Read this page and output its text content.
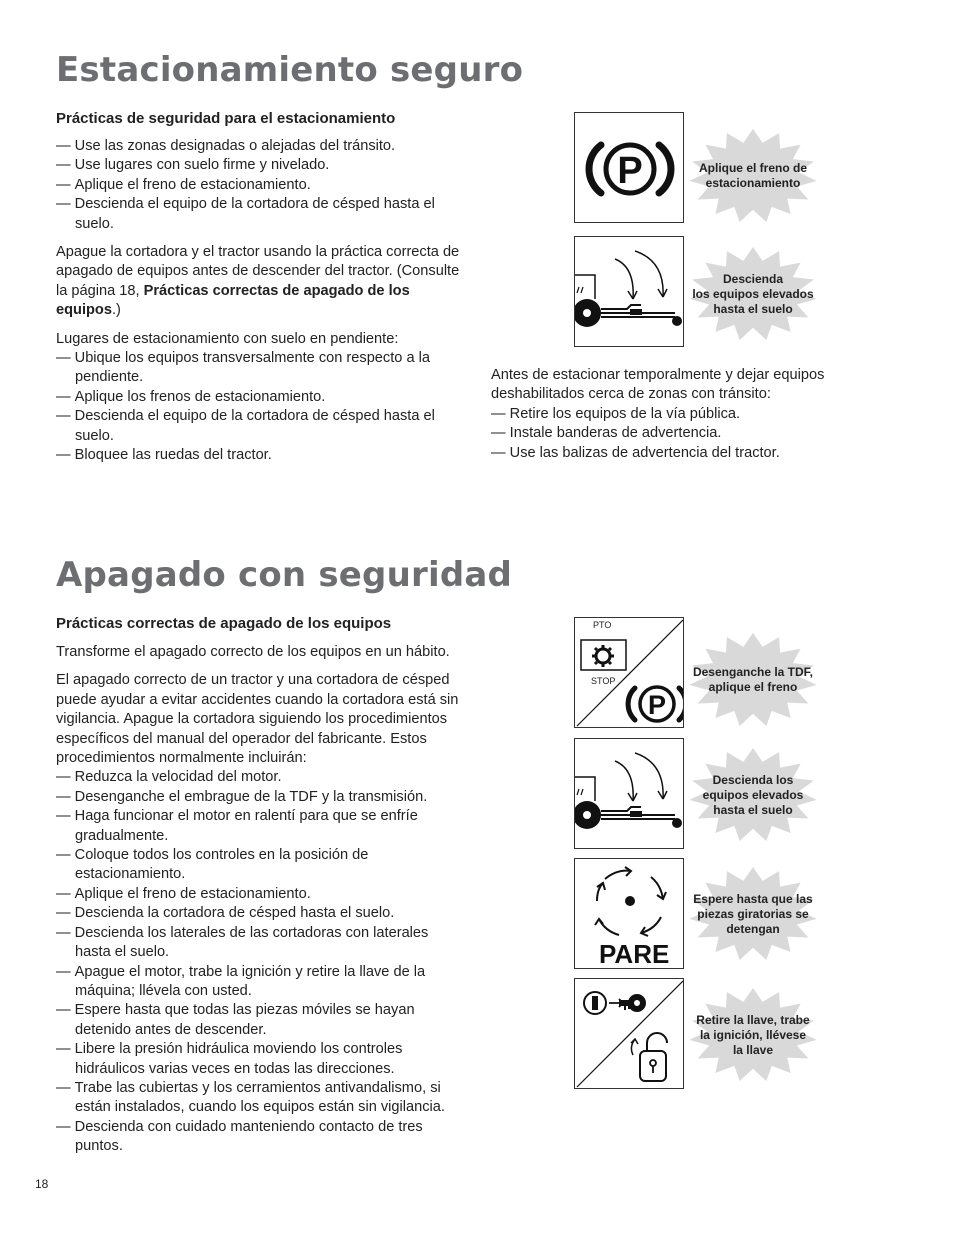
Estacionamiento seguro
Prácticas de seguridad para el estacionamiento
— Use las zonas designadas o alejadas del tránsito.
— Use lugares con suelo firme y nivelado.
— Aplique el freno de estacionamiento.
— Descienda el equipo de la cortadora de césped hasta el suelo.

Apague la cortadora y el tractor usando la práctica correcta de apagado de equipos antes de descender del tractor. (Consulte la página 18, Prácticas correctas de apagado de los equipos.)

Lugares de estacionamiento con suelo en pendiente:

— Ubique los equipos transversalmente con respecto a la pendiente.
— Aplique los frenos de estacionamiento.
— Descienda el equipo de la cortadora de césped hasta el suelo.
— Bloquee las ruedas del tractor.

Antes de estacionar temporalmente y dejar equipos deshabilitados cerca de zonas con tránsito:

— Retire los equipos de la vía pública.
— Instale banderas de advertencia.
— Use las balizas de advertencia del tractor.
P	Aplique el freno de
estacionamiento
Descienda
los equipos elevados
hasta el suelo
Apagado con seguridad
Prácticas correctas de apagado de los equipos

Transforme el apagado correcto de los equipos en un hábito.

El apagado correcto de un tractor y una cortadora de césped puede ayudar a evitar accidentes cuando la cortadora está sin vigilancia. Apague la cortadora siguiendo los procedimientos específicos del manual del operador del fabricante. Estos procedimientos normalmente incluirán:

— Reduzca la velocidad del motor.
— Desenganche el embrague de la TDF y la transmisión.
— Haga funcionar el motor en ralentí para que se enfríe gradualmente.
— Coloque todos los controles en la posición de estacionamiento.
— Aplique el freno de estacionamiento.
— Descienda la cortadora de césped hasta el suelo.
— Descienda los laterales de las cortadoras con laterales hasta el suelo.
— Apague el motor, trabe la ignición y retire la llave de la máquina; llévela con usted.
— Espere hasta que todas las piezas móviles se hayan detenido antes de descender.
— Libere la presión hidráulica moviendo los controles hidráulicos varias veces en todas las direcciones.
— Trabe las cubiertas y los cerramientos antivandalismo, si están instalados, cuando los equipos están sin vigilancia.
— Descienda con cuidado manteniendo contacto de tres puntos.
P
PTO
STOP
Desenganche la TDF,
aplique el freno
Descienda los
equipos elevados
hasta el suelo
PARE
Espere hasta que las
piezas giratorias se
detengan
Retire la llave, trabe
la ignición, llévese
la llave
18
